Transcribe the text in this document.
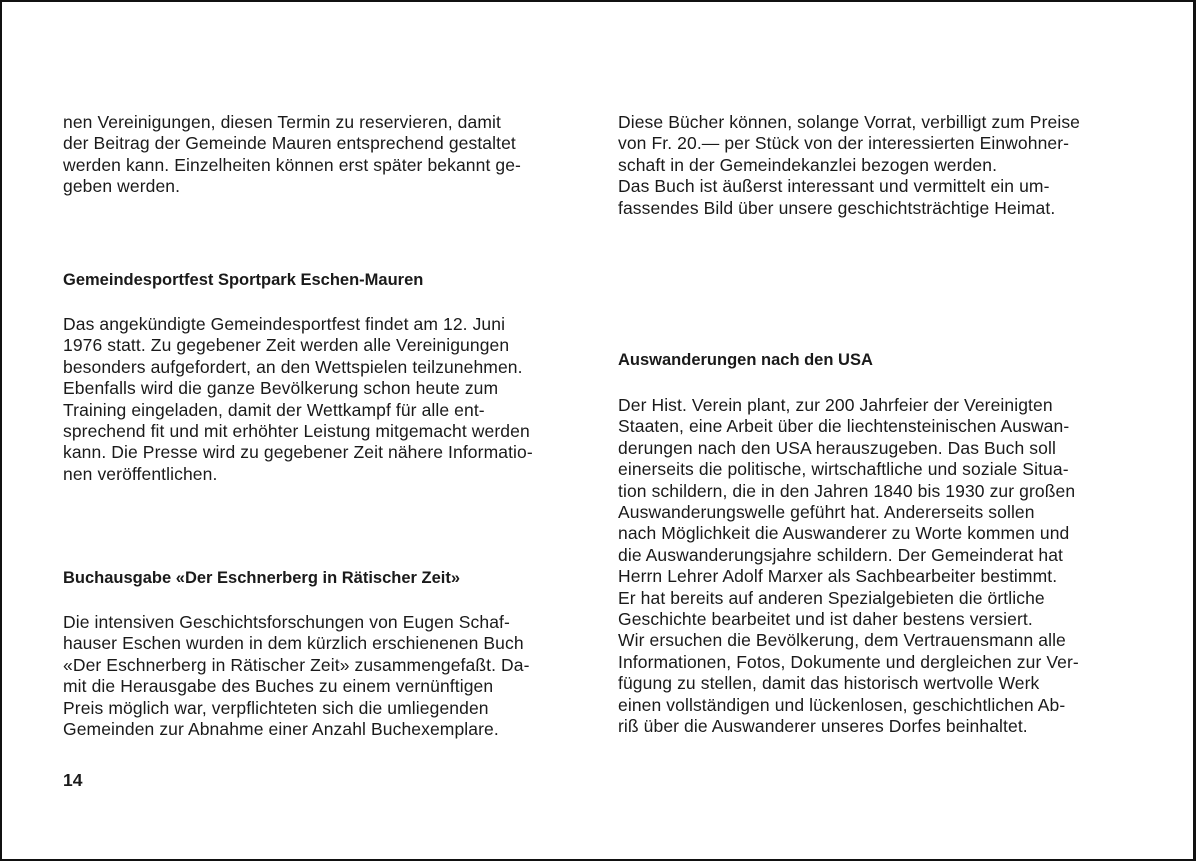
nen Vereinigungen, diesen Termin zu reservieren, damit
der Beitrag der Gemeinde Mauren entsprechend gestaltet
werden kann. Einzelheiten können erst später bekannt ge-
geben werden.

Gemeindesportfest Sportpark Eschen-Mauren

Das angekündigte Gemeindesportfest findet am 12. Juni
1976 statt. Zu gegebener Zeit werden alle Vereinigungen
besonders aufgefordert, an den Wettspielen teilzunehmen.
Ebenfalls wird die ganze Bevölkerung schon heute zum
Training eingeladen, damit der Wettkampf für alle ent-
sprechend fit und mit erhöhter Leistung mitgemacht werden
kann. Die Presse wird zu gegebener Zeit nähere Informatio-
nen veröffentlichen.

Buchausgabe «Der Eschnerberg in Rätischer Zeit»

Die intensiven Geschichtsforschungen von Eugen Schaf-
hauser Eschen wurden in dem kürzlich erschienenen Buch
«Der Eschnerberg in Rätischer Zeit» zusammengefaßt. Da-
mit die Herausgabe des Buches zu einem vernünftigen
Preis möglich war, verpflichteten sich die umliegenden
Gemeinden zur Abnahme einer Anzahl Buchexemplare.

Diese Bücher können, solange Vorrat, verbilligt zum Preise
von Fr. 20.— per Stück von der interessierten Einwohner-
schaft in der Gemeindekanzlei bezogen werden.
Das Buch ist äußerst interessant und vermittelt ein um-
fassendes Bild über unsere geschichtsträchtige Heimat.

Auswanderungen nach den USA

Der Hist. Verein plant, zur 200 Jahrfeier der Vereinigten
Staaten, eine Arbeit über die liechtensteinischen Auswan-
derungen nach den USA herauszugeben. Das Buch soll
einerseits die politische, wirtschaftliche und soziale Situa-
tion schildern, die in den Jahren 1840 bis 1930 zur großen
Auswanderungswelle geführt hat. Andererseits sollen
nach Möglichkeit die Auswanderer zu Worte kommen und
die Auswanderungsjahre schildern. Der Gemeinderat hat
Herrn Lehrer Adolf Marxer als Sachbearbeiter bestimmt.
Er hat bereits auf anderen Spezialgebieten die örtliche
Geschichte bearbeitet und ist daher bestens versiert.
Wir ersuchen die Bevölkerung, dem Vertrauensmann alle
Informationen, Fotos, Dokumente und dergleichen zur Ver-
fügung zu stellen, damit das historisch wertvolle Werk
einen vollständigen und lückenlosen, geschichtlichen Ab-
riß über die Auswanderer unseres Dorfes beinhaltet.

14
